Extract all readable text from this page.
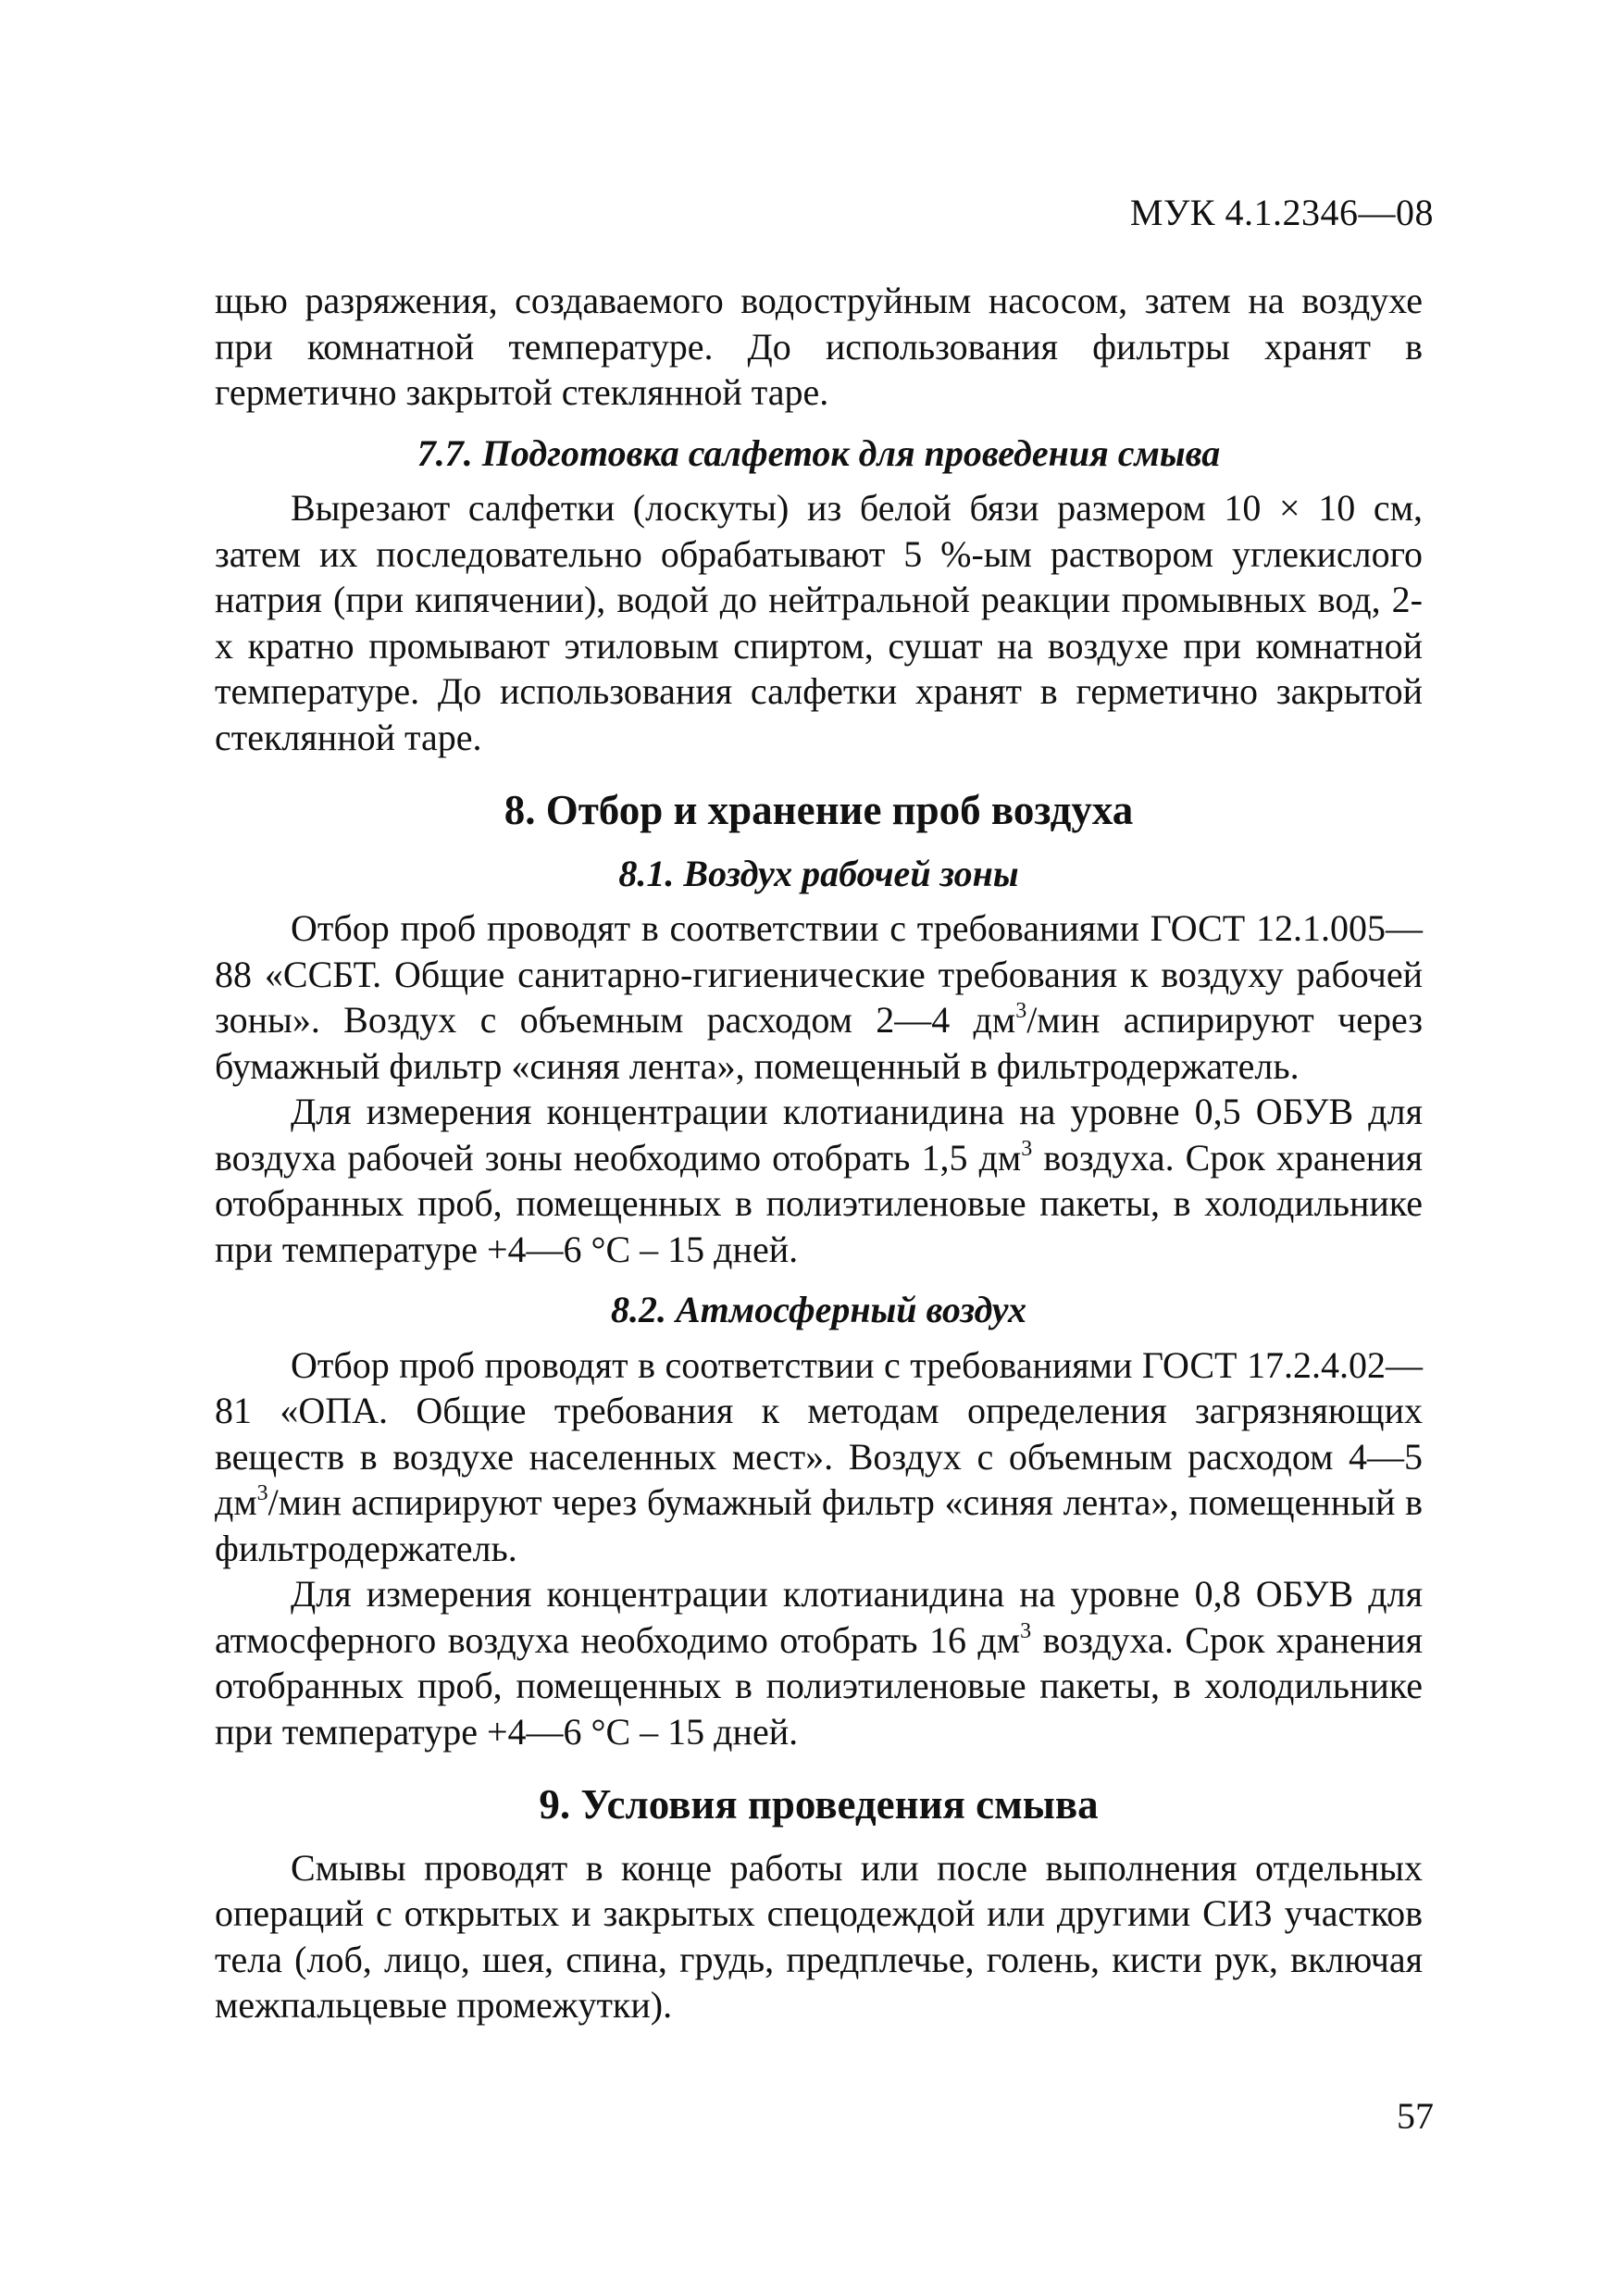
МУК 4.1.2346—08

щью разряжения, создаваемого водоструйным насосом, затем на воздухе при комнатной температуре. До использования фильтры хранят в герметично закрытой стеклянной таре.

7.7. Подготовка салфеток для проведения смыва

Вырезают салфетки (лоскуты) из белой бязи размером 10 × 10 см, затем их последовательно обрабатывают 5 %-ым раствором углекислого натрия (при кипячении), водой до нейтральной реакции промывных вод, 2-х кратно промывают этиловым спиртом, сушат на воздухе при комнатной температуре. До использования салфетки хранят в герметично закрытой стеклянной таре.

8. Отбор и хранение проб воздуха
8.1. Воздух рабочей зоны

Отбор проб проводят в соответствии с требованиями ГОСТ 12.1.005—88 «ССБТ. Общие санитарно-гигиенические требования к воздуху рабочей зоны». Воздух с объемным расходом 2—4 $дм^3$/мин аспирируют через бумажный фильтр «синяя лента», помещенный в фильтродержатель.

Для измерения концентрации клотианидина на уровне 0,5 ОБУВ для воздуха рабочей зоны необходимо отобрать 1,5 $дм^3$ воздуха. Срок хранения отобранных проб, помещенных в полиэтиленовые пакеты, в холодильнике при температуре +4—6 °С – 15 дней.

8.2. Атмосферный воздух

Отбор проб проводят в соответствии с требованиями ГОСТ 17.2.4.02—81 «ОПА. Общие требования к методам определения загрязняющих веществ в воздухе населенных мест». Воздух с объемным расходом 4—5 $дм^3$/мин аспирируют через бумажный фильтр «синяя лента», помещенный в фильтродержатель.

Для измерения концентрации клотианидина на уровне 0,8 ОБУВ для атмосферного воздуха необходимо отобрать 16 $дм^3$ воздуха. Срок хранения отобранных проб, помещенных в полиэтиленовые пакеты, в холодильнике при температуре +4—6 °С – 15 дней.

9. Условия проведения смыва

Смывы проводят в конце работы или после выполнения отдельных операций с открытых и закрытых спецодеждой или другими СИЗ участков тела (лоб, лицо, шея, спина, грудь, предплечье, голень, кисти рук, включая межпальцевые промежутки).

57
